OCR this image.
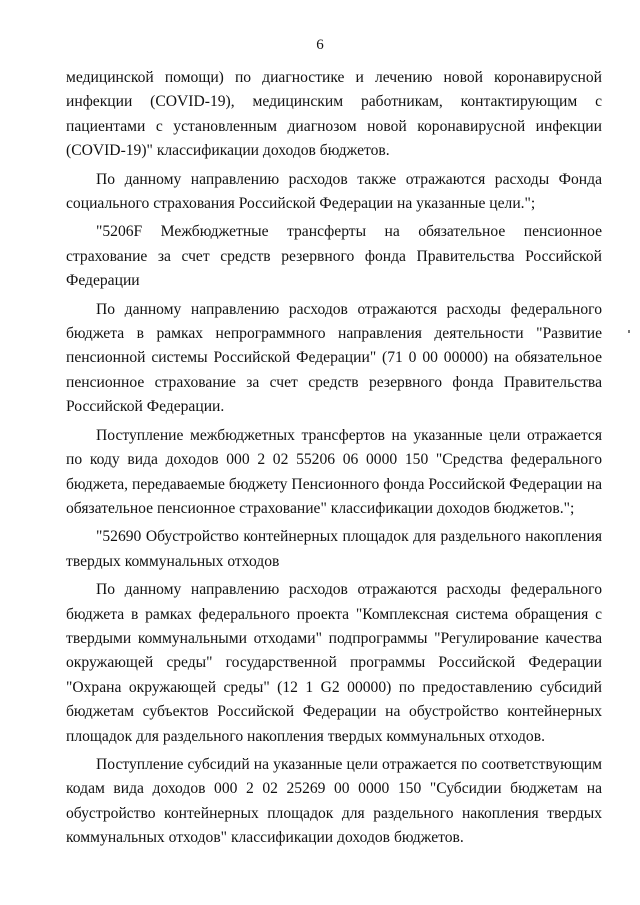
6

медицинской помощи) по диагностике и лечению новой коронавирусной инфекции (COVID-19), медицинским работникам, контактирующим с пациентами с установленным диагнозом новой коронавирусной инфекции (COVID-19)" классификации доходов бюджетов.

По данному направлению расходов также отражаются расходы Фонда социального страхования Российской Федерации на указанные цели.";

"5206F Межбюджетные трансферты на обязательное пенсионное страхование за счет средств резервного фонда Правительства Российской Федерации

По данному направлению расходов отражаются расходы федерального бюджета в рамках непрограммного направления деятельности "Развитие пенсионной системы Российской Федерации" (71 0 00 00000) на обязательное пенсионное страхование за счет средств резервного фонда Правительства Российской Федерации.

Поступление межбюджетных трансфертов на указанные цели отражается по коду вида доходов 000 2 02 55206 06 0000 150 "Средства федерального бюджета, передаваемые бюджету Пенсионного фонда Российской Федерации на обязательное пенсионное страхование" классификации доходов бюджетов.";

"52690 Обустройство контейнерных площадок для раздельного накопления твердых коммунальных отходов

По данному направлению расходов отражаются расходы федерального бюджета в рамках федерального проекта "Комплексная система обращения с твердыми коммунальными отходами" подпрограммы "Регулирование качества окружающей среды" государственной программы Российской Федерации "Охрана окружающей среды" (12 1 G2 00000) по предоставлению субсидий бюджетам субъектов Российской Федерации на обустройство контейнерных площадок для раздельного накопления твердых коммунальных отходов.

Поступление субсидий на указанные цели отражается по соответствующим кодам вида доходов 000 2 02 25269 00 0000 150 "Субсидии бюджетам на обустройство контейнерных площадок для раздельного накопления твердых коммунальных отходов" классификации доходов бюджетов.
